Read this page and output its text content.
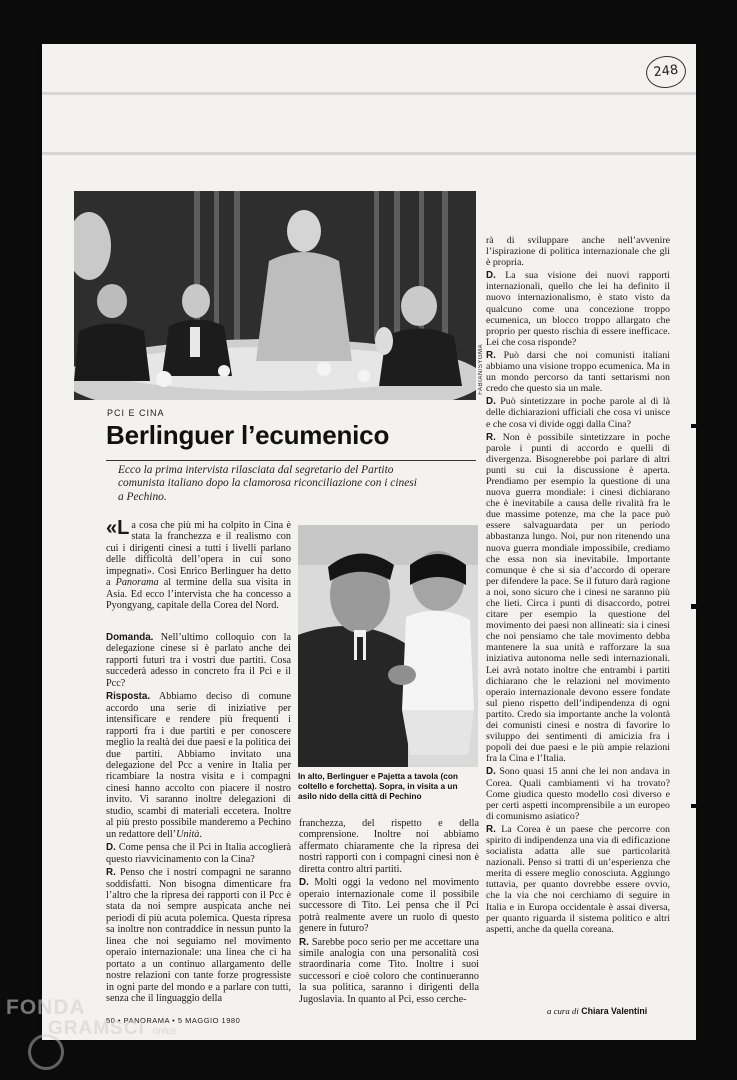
248
FABIAN/SYGMA
PCI E CINA
Berlinguer l’ecumenico
Ecco la prima intervista rilasciata dal segretario del Partito comunista italiano dopo la clamorosa riconciliazione con i cinesi a Pechino.

«La cosa che più mi ha colpito in Cina è stata la franchezza e il realismo con cui i dirigenti cinesi a tutti i livelli parlano delle difficoltà dell’opera in cui sono impegnati». Così Enrico Berlinguer ha detto a Panorama al termine della sua visita in Asia. Ed ecco l’intervista che ha concesso a Pyongyang, capitale della Corea del Nord.

Domanda. Nell’ultimo colloquio con la delegazione cinese si è parlato anche dei rapporti futuri tra i vostri due partiti. Cosa succederà adesso in concreto fra il Pci e il Pcc?

Risposta. Abbiamo deciso di comune accordo una serie di iniziative per intensificare e rendere più frequenti i rapporti fra i due partiti e per conoscere meglio la realtà dei due paesi e la politica dei due partiti. Abbiamo invitato una delegazione del Pcc a venire in Italia per ricambiare la nostra visita e i compagni cinesi hanno accolto con piacere il nostro invito. Vi saranno inoltre delegazioni di studio, scambi di materiali eccetera. Inoltre al più presto possibile manderemo a Pechino un redattore dell’Unità.

D. Come pensa che il Pci in Italia accoglierà questo riavvicinamento con la Cina?

R. Penso che i nostri compagni ne saranno soddisfatti. Non bisogna dimenticare fra l’altro che la ripresa dei rapporti con il Pcc è stata da noi sempre auspicata anche nei periodi di più acuta polemica. Questa ripresa sa inoltre non contraddice in nessun punto la linea che noi seguiamo nel movimento operaio internazionale: una linea che ci ha portato a un continuo allargamento delle nostre relazioni con tante forze progressiste in ogni parte del mondo e a parlare con tutti, senza che il linguaggio della

In alto, Berlinguer e Pajetta a tavola (con coltello e forchetta). Sopra, in visita a un asilo nido della città di Pechino

franchezza, del rispetto e della comprensione. Inoltre noi abbiamo affermato chiaramente che la ripresa dei nostri rapporti con i compagni cinesi non è diretta contro altri partiti.

D. Molti oggi la vedono nel movimento operaio internazionale come il possibile successore di Tito. Lei pensa che il Pci potrà realmente avere un ruolo di questo genere in futuro?

R. Sarebbe poco serio per me accettare una simile analogia con una personalità così straordinaria come Tito. Inoltre i suoi successori e cioè coloro che continueranno la sua politica, saranno i dirigenti della Jugoslavia. In quanto al Pci, esso cerche-

rà di sviluppare anche nell’avvenire l’ispirazione di politica internazionale che gli è propria.

D. La sua visione dei nuovi rapporti internazionali, quello che lei ha definito il nuovo internazionalismo, è stato visto da qualcuno come una concezione troppo ecumenica, un blocco troppo allargato che proprio per questo rischia di essere inefficace. Lei che cosa risponde?

R. Può darsi che noi comunisti italiani abbiamo una visione troppo ecumenica. Ma in un mondo percorso da tanti settarismi non credo che questo sia un male.

D. Può sintetizzare in poche parole al di là delle dichiarazioni ufficiali che cosa vi unisce e che cosa vi divide oggi dalla Cina?

R. Non è possibile sintetizzare in poche parole i punti di accordo e quelli di divergenza. Bisognerebbe poi parlare di altri punti su cui la discussione è aperta. Prendiamo per esempio la questione di una nuova guerra mondiale: i cinesi dichiarano che è inevitabile a causa delle rivalità fra le due massime potenze, ma che la pace può essere salvaguardata per un periodo abbastanza lungo. Noi, pur non ritenendo una nuova guerra mondiale impossibile, crediamo che essa non sia inevitabile. Importante comunque è che si sia d’accordo di operare per difendere la pace. Se il futuro darà ragione a noi, sono sicuro che i cinesi ne saranno più che lieti. Circa i punti di disaccordo, potrei citare per esempio la questione del movimento dei paesi non allineati: sia i cinesi che noi pensiamo che tale movimento debba mantenere la sua unità e rafforzare la sua iniziativa autonoma nelle sedi internazionali. Lei avrà notato inoltre che entrambi i partiti dichiarano che le relazioni nel movimento operaio internazionale devono essere fondate sul pieno rispetto dell’indipendenza di ogni partito. Credo sia importante anche la volontà dei comunisti cinesi e nostra di favorire lo sviluppo dei sentimenti di amicizia fra i popoli dei due paesi e le più ampie relazioni fra la Cina e l’Italia.

D. Sono quasi 15 anni che lei non andava in Corea. Quali cambiamenti vi ha trovato? Come giudica questo modello così diverso e per certi aspetti incomprensibile a un europeo di comunismo asiatico?

R. La Corea è un paese che percorre con spirito di indipendenza una via di edificazione socialista adatta alle sue particolarità nazionali. Penso si tratti di un’esperienza che merita di essere meglio conosciuta. Aggiungo tuttavia, per quanto dovrebbe essere ovvio, che la via che noi cerchiamo di seguire in Italia e in Europa occidentale è assai diversa, per quanto riguarda il sistema politico e altri aspetti, anche da quella coreana.

a cura di Chiara Valentini
50 • PANORAMA • 5 MAGGIO 1980
FONDA
GRAMSCI onlus
